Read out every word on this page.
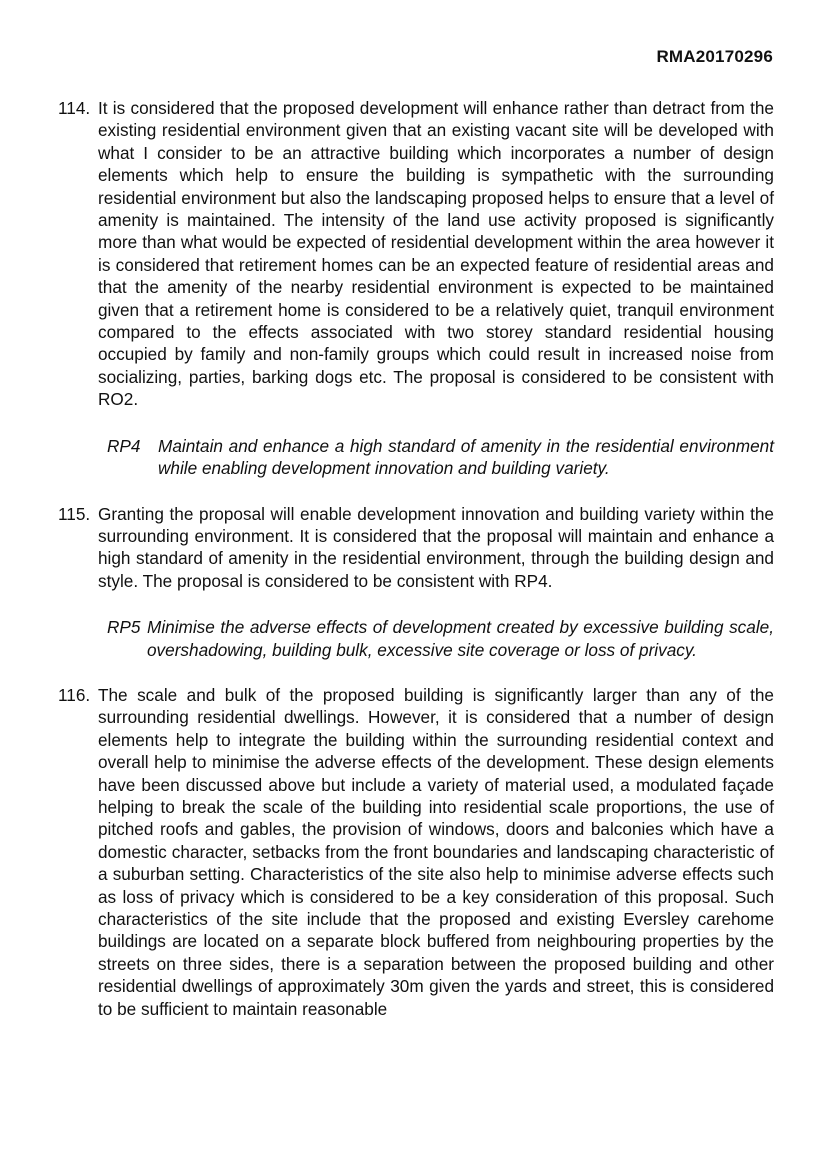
RMA20170296
114. It is considered that the proposed development will enhance rather than detract from the existing residential environment given that an existing vacant site will be developed with what I consider to be an attractive building which incorporates a number of design elements which help to ensure the building is sympathetic with the surrounding residential environment but also the landscaping proposed helps to ensure that a level of amenity is maintained. The intensity of the land use activity proposed is significantly more than what would be expected of residential development within the area however it is considered that retirement homes can be an expected feature of residential areas and that the amenity of the nearby residential environment is expected to be maintained given that a retirement home is considered to be a relatively quiet, tranquil environment compared to the effects associated with two storey standard residential housing occupied by family and non-family groups which could result in increased noise from socializing, parties, barking dogs etc. The proposal is considered to be consistent with RO2.
RP4	Maintain and enhance a high standard of amenity in the residential environment while enabling development innovation and building variety.
115. Granting the proposal will enable development innovation and building variety within the surrounding environment. It is considered that the proposal will maintain and enhance a high standard of amenity in the residential environment, through the building design and style. The proposal is considered to be consistent with RP4.
RP5 Minimise the adverse effects of development created by excessive building scale, overshadowing, building bulk, excessive site coverage or loss of privacy.
116. The scale and bulk of the proposed building is significantly larger than any of the surrounding residential dwellings. However, it is considered that a number of design elements help to integrate the building within the surrounding residential context and overall help to minimise the adverse effects of the development. These design elements have been discussed above but include a variety of material used, a modulated façade helping to break the scale of the building into residential scale proportions, the use of pitched roofs and gables, the provision of windows, doors and balconies which have a domestic character, setbacks from the front boundaries and landscaping characteristic of a suburban setting. Characteristics of the site also help to minimise adverse effects such as loss of privacy which is considered to be a key consideration of this proposal. Such characteristics of the site include that the proposed and existing Eversley carehome buildings are located on a separate block buffered from neighbouring properties by the streets on three sides, there is a separation between the proposed building and other residential dwellings of approximately 30m given the yards and street, this is considered to be sufficient to maintain reasonable
